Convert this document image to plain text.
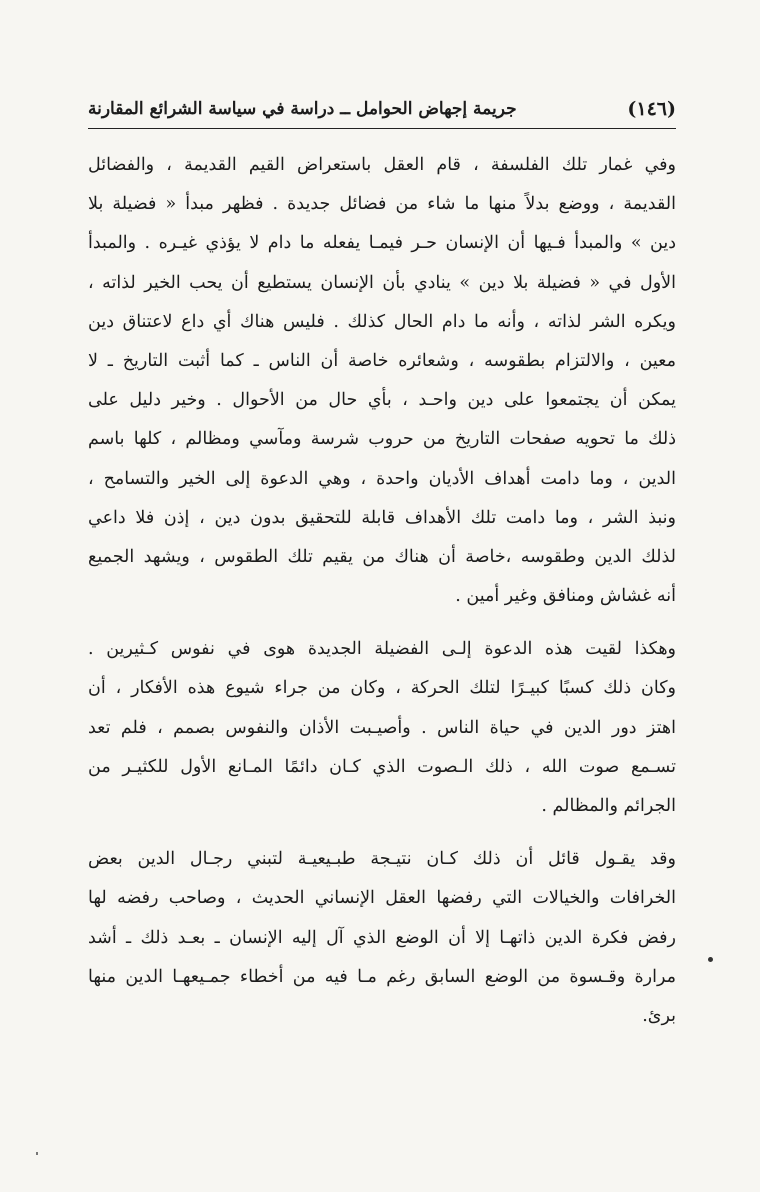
(١٤٦)
جريمة إجهاض الحوامل ــ دراسة في سياسة الشرائع المقارنة
وفي غمار تلك الفلسفة ، قام العقل باستعراض القيم القديمة ، والفضائل
القديمة ، ووضع بدلاً منها ما شاء من فضائل جديدة . فظهر مبدأ « فضيلة بلا
دين » والمبدأ فـيها أن الإنسان حـر فيمـا يفعله ما دام لا يؤذي غيـره . والمبدأ
الأول في « فضيلة بلا دين » ينادي بأن الإنسان يستطيع أن يحب الخير لذاته ،
ويكره الشر لذاته ، وأنه ما دام الحال كذلك . فليس هناك أي داع لاعتناق دين
معين ، والالتزام بطقوسه ، وشعائره خاصة أن الناس ـ كما أثبت التاريخ ـ لا
يمكن أن يجتمعوا على دين واحـد ، بأي حال من الأحوال . وخير دليل على
ذلك ما تحويه صفحات التاريخ من حروب شرسة ومآسي ومظالم ، كلها باسم
الدين ، وما دامت أهداف الأديان واحدة ، وهي الدعوة إلى الخير والتسامح ،
ونبذ الشر ، وما دامت تلك الأهداف قابلة للتحقيق بدون دين ، إذن فلا داعي
لذلك الدين وطقوسه ،خاصة أن هناك من يقيم تلك الطقوس ، ويشهد الجميع
أنه غشاش ومنافق وغير أمين .
وهكذا لقيت هذه الدعوة إلـى الفضيلة الجديدة هوى في نفوس كـثيرين .
وكان ذلك كسبًا كبيـرًا لتلك الحركة ، وكان من جراء شيوع هذه الأفكار ، أن
اهتز دور الدين في حياة الناس . وأصيـبت الأذان والنفوس بصمم ، فلم تعد
تسـمع صوت الله ، ذلك الـصوت الذي كـان دائمًا المـانع الأول للكثيـر من
الجرائم والمظالم .
وقد يقـول قائل أن ذلك كـان نتيـجة طبـيعيـة لتبني رجـال الدين بعض
الخرافات والخيالات التي رفضها العقل الإنساني الحديث ، وصاحب رفضه لها
رفض فكرة الدين ذاتهـا إلا أن الوضع الذي آل إليه الإنسان ـ بعـد ذلك ـ أشد
مرارة وقـسوة من الوضع السابق رغم مـا فيه من أخطاء جمـيعهـا الدين منها
برئ.
